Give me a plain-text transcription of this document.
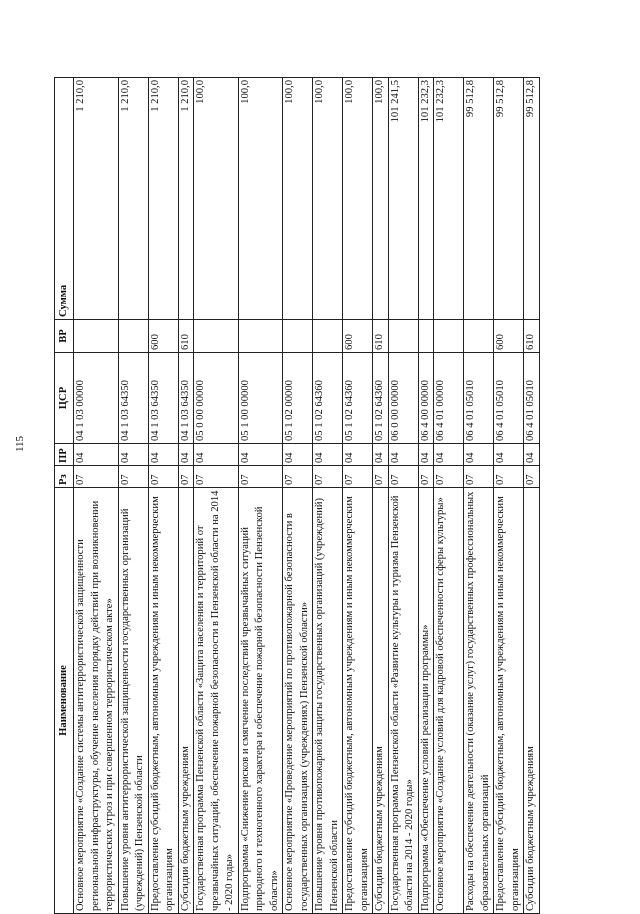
115
Наименование	Рз	ПР	ЦСР	ВР	Сумма
Основное мероприятие «Создание системы антитеррористической защищенности региональной инфраструктуры, обучение населения порядку действий при возникновении террористических угроз и при совершенном террористическом акте»	07	04	04 1 03 00000		1 210,0
Повышение уровня антитеррористической защищенности государственных организаций (учреждений) Пензенской области	07	04	04 1 03 64350		1 210,0
Предоставление субсидий бюджетным, автономным учреждениям и иным некоммерческим организациям	07	04	04 1 03 64350	600	1 210,0
Субсидии бюджетным учреждениям	07	04	04 1 03 64350	610	1 210,0
Государственная программа Пензенской области «Защита населения и территорий от чрезвычайных ситуаций, обеспечение пожарной безопасности в Пензенской области на 2014 - 2020 годы»	07	04	05 0 00 00000		100,0
Подпрограмма «Снижение рисков и смягчение последствий чрезвычайных ситуаций природного и техногенного характера и обеспечение пожарной безопасности Пензенской области»	07	04	05 1 00 00000		100,0
Основное мероприятие «Проведение мероприятий по противопожарной безопасности в государственных организациях (учреждениях) Пензенской области»	07	04	05 1 02 00000		100,0
Повышение уровня противопожарной защиты государственных организаций (учреждений) Пензенской области	07	04	05 1 02 64360		100,0
Предоставление субсидий бюджетным, автономным учреждениям и иным некоммерческим организациям	07	04	05 1 02 64360	600	100,0
Субсидии бюджетным учреждениям	07	04	05 1 02 64360	610	100,0
Государственная программа Пензенской области «Развитие культуры и туризма Пензенской области на 2014 - 2020 годы»	07	04	06 0 00 00000		101 241,5
Подпрограмма «Обеспечение условий реализации программы»	07	04	06 4 00 00000		101 232,3
Основное мероприятие «Создание условий для кадровой обеспеченности сферы культуры»	07	04	06 4 01 00000		101 232,3
Расходы на обеспечение деятельности (оказание услуг) государственных профессиональных образовательных организаций	07	04	06 4 01 05010		99 512,8
Предоставление субсидий бюджетным, автономным учреждениям и иным некоммерческим организациям	07	04	06 4 01 05010	600	99 512,8
Субсидии бюджетным учреждениям	07	04	06 4 01 05010	610	99 512,8
